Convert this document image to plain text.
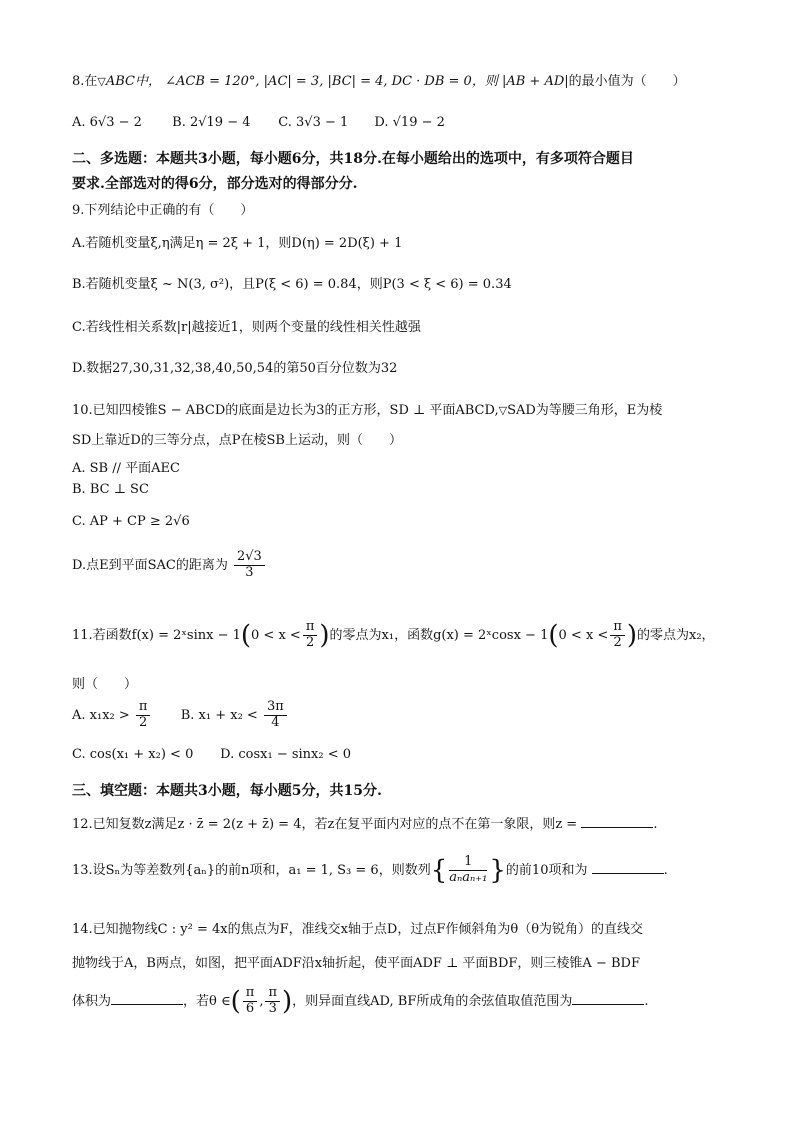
8.在▽ABC中， ∠ACB = 120°, |AC| = 3, |BC| = 4, DC · DB = 0，则 |AB + AD|的最小值为（　　）
A. 6√3 − 2 B. 2√19 − 4 C. 3√3 − 1 D. √19 − 2
二、多选题：本题共3小题，每小题6分，共18分.在每小题给出的选项中，有多项符合题目
要求.全部选对的得6分，部分选对的得部分分.
9.下列结论中正确的有（　　）
A.若随机变量ξ,η满足η = 2ξ + 1，则D(η) = 2D(ξ) + 1
B.若随机变量ξ ~ N(3, σ²)，且P(ξ < 6) = 0.84，则P(3 < ξ < 6) = 0.34
C.若线性相关系数|r|越接近1，则两个变量的线性相关性越强
D.数据27,30,31,32,38,40,50,54的第50百分位数为32
10.已知四棱锥S − ABCD的底面是边长为3的正方形，SD ⊥ 平面ABCD,▽SAD为等腰三角形，E为棱
SD上靠近D的三等分点，点P在棱SB上运动，则（　　）
A. SB // 平面AEC
B. BC ⊥ SC
C. AP + CP ≥ 2√6
D.点E到平面SAC的距离为 $\frac{2√3}{3}$
11.若函数f(x) = 2ˣsinx − $1(0 < x < \frac{\pi}{2}$ )的零点为x₁，函数g(x) = 2ˣcosx − $1(0 < x < \frac{\pi}{2}$ )的零点为x₂，
则（　　）
A. $x_1x_2 > \frac{\pi}{2} B$. $x_1 + x_2 < \frac{3\pi}{4}$
C. cos(x₁ + x₂) < 0 D. cosx₁ − sinx₂ < 0
三、填空题：本题共3小题，每小题5分，共15分.
12.已知复数z满足z · z̄ = 2(z + z̄) = 4，若z在复平面内对应的点不在第一象限，则z =	.
13.设Sₙ为等差数列{aₙ}的前n项和，a₁ = 1, S₃ = 6，则数列{ $\frac{1}{\text{aₙaₙ₊₁}}$ }的前10项和为	.
14.已知抛物线C : y² = 4x的焦点为F，准线交x轴于点D，过点F作倾斜角为θ（θ为锐角）的直线交
抛物线于A，B两点，如图，把平面ADF沿x轴折起，使平面ADF ⊥ 平面BDF，则三棱锥A − BDF
体积为	，若θ ∈( $\frac{\pi}{6}$ , $\frac{\pi}{3}$ )，则异面直线AD, BF所成角的余弦值取值范围为	.
